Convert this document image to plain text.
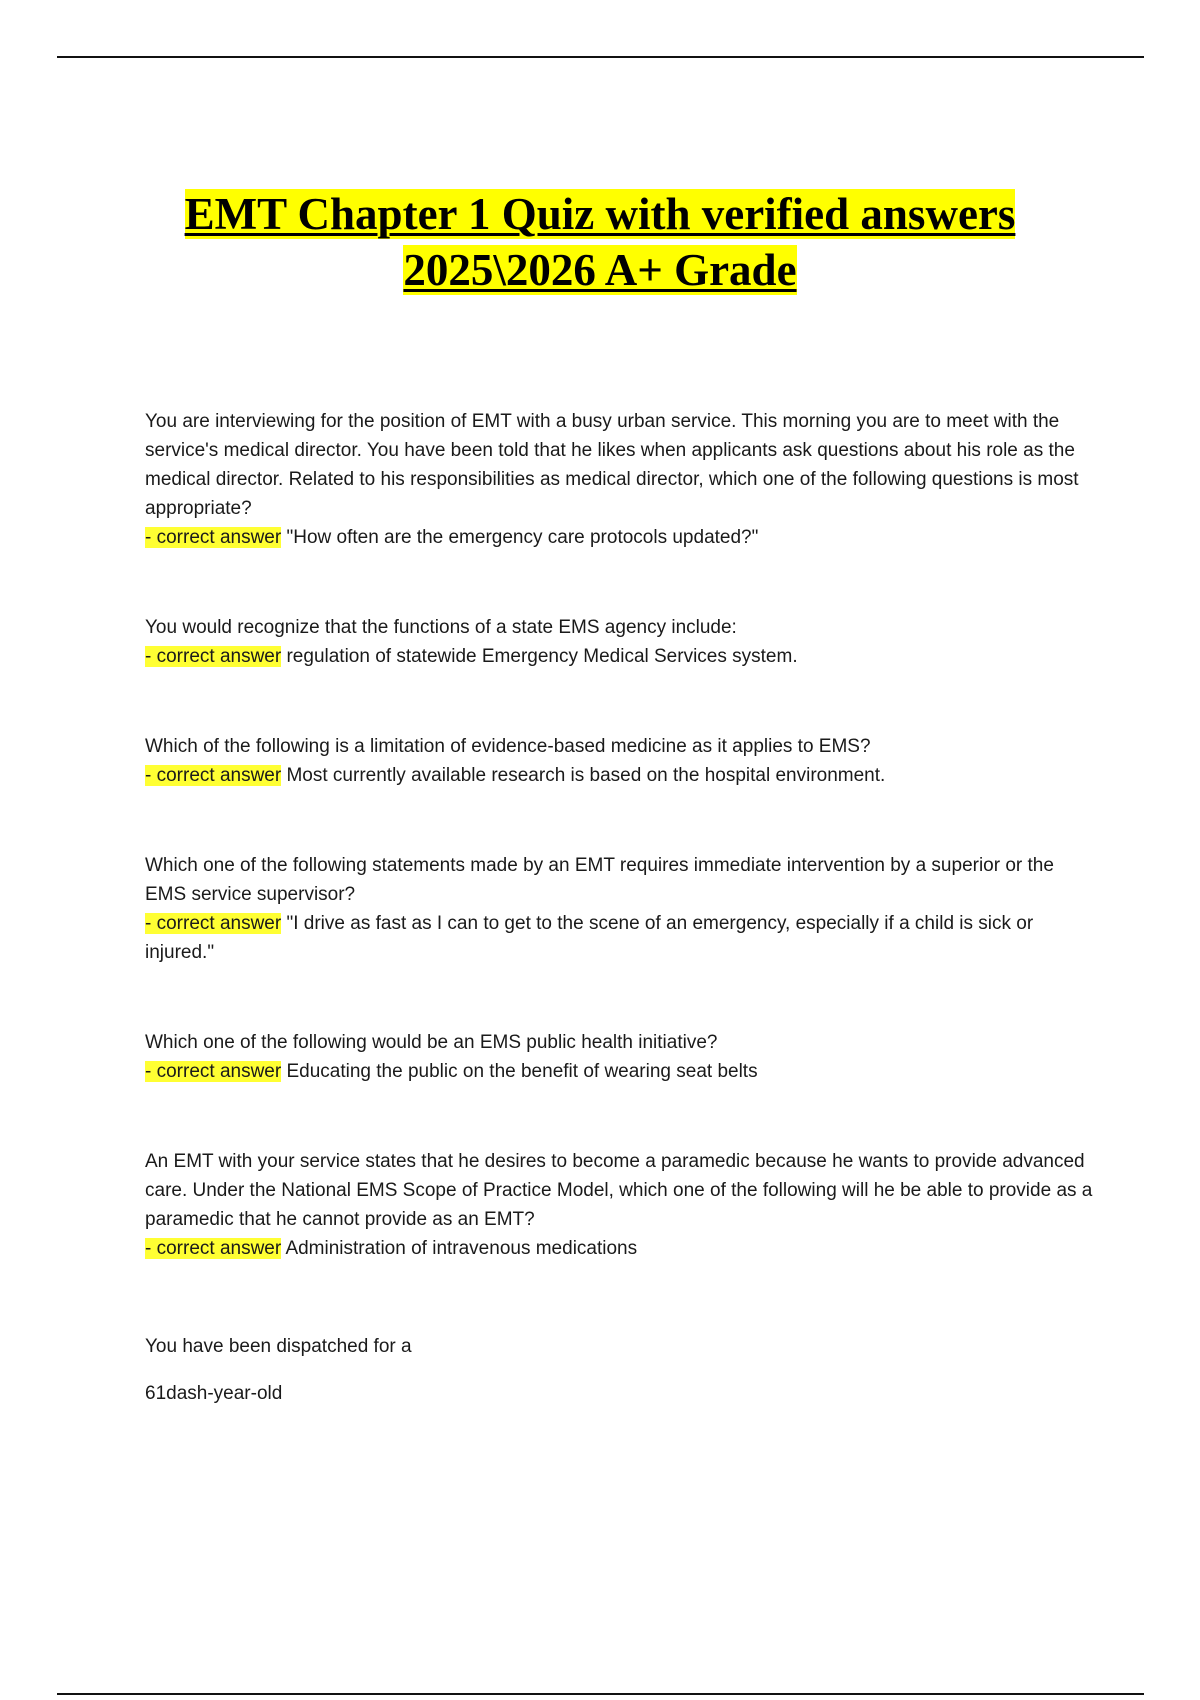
EMT Chapter 1 Quiz with verified answers
2025\2026 A+ Grade

You are interviewing for the position of EMT with a busy urban service. This morning you are to meet with the service's medical director. You have been told that he likes when applicants ask questions about his role as the medical director. Related to his responsibilities as medical director, which one of the following questions is most appropriate?

- correct answer "How often are the emergency care protocols updated?"

You would recognize that the functions of a state EMS agency include:

- correct answer regulation of statewide Emergency Medical Services system.

Which of the following is a limitation of evidence-based medicine as it applies to EMS?

- correct answer Most currently available research is based on the hospital environment.

Which one of the following statements made by an EMT requires immediate intervention by a superior or the EMS service supervisor?

- correct answer "I drive as fast as I can to get to the scene of an emergency, especially if a child is sick or injured."

Which one of the following would be an EMS public health initiative?

- correct answer Educating the public on the benefit of wearing seat belts

An EMT with your service states that he desires to become a paramedic because he wants to provide advanced care. Under the National EMS Scope of Practice Model, which one of the following will he be able to provide as a paramedic that he cannot provide as an EMT?

- correct answer Administration of intravenous medications

You have been dispatched for a
61dash-year-old
